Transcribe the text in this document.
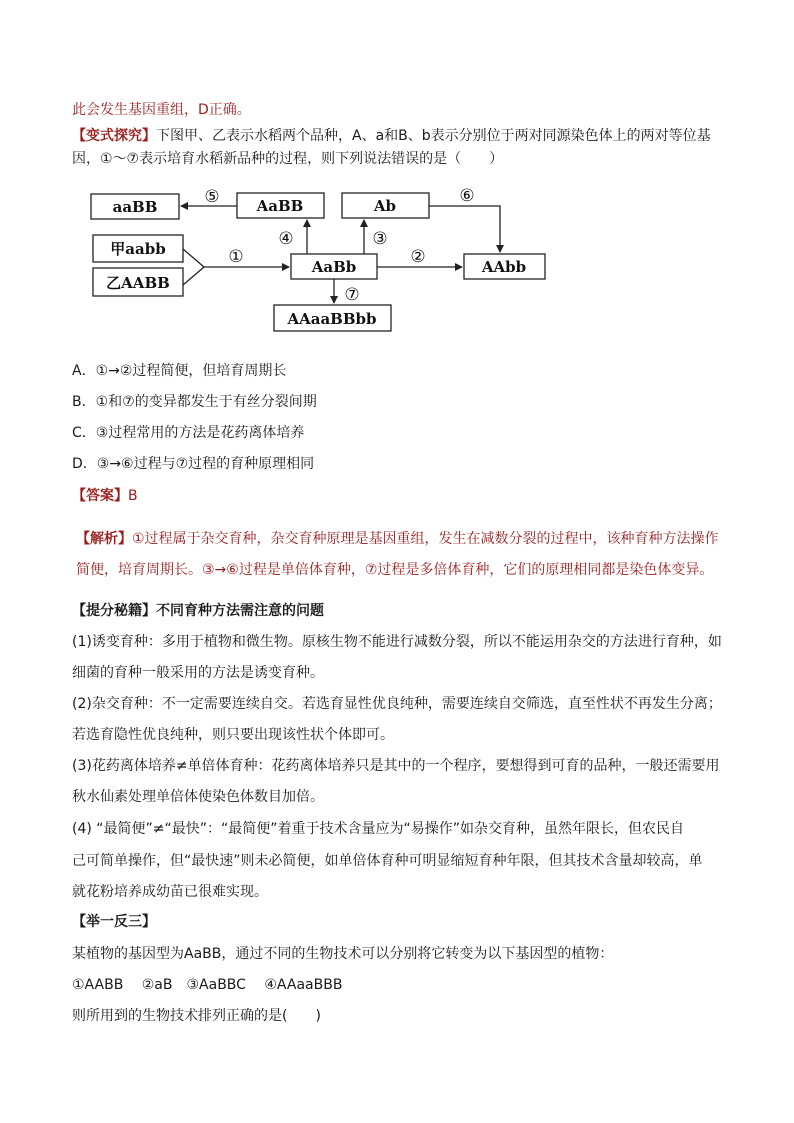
此会发生基因重组，D正确。
【变式探究】下图甲、乙表示水稻两个品种，A、a和B、b表示分别位于两对同源染色体上的两对等位基
因，①～⑦表示培育水稻新品种的过程，则下列说法错误的是（　　）
aaBB	AaBB	Ab
甲aabb
乙AABB
AaBb	AAbb
AAaaBBbb
⑤	⑥
④	③
①	②
⑦
A．①→②过程简便，但培育周期长
B．①和⑦的变异都发生于有丝分裂间期
C．③过程常用的方法是花药离体培养
D．③→⑥过程与⑦过程的育种原理相同
【答案】B
【解析】①过程属于杂交育种，杂交育种原理是基因重组，发生在减数分裂的过程中，该种育种方法操作
简便，培育周期长。③→⑥过程是单倍体育种，⑦过程是多倍体育种，它们的原理相同都是染色体变异。
【提分秘籍】不同育种方法需注意的问题
(1)诱变育种：多用于植物和微生物。原核生物不能进行减数分裂，所以不能运用杂交的方法进行育种，如
细菌的育种一般采用的方法是诱变育种。
(2)杂交育种：不一定需要连续自交。若选育显性优良纯种，需要连续自交筛选，直至性状不再发生分离；
若选育隐性优良纯种，则只要出现该性状个体即可。
(3)花药离体培养≠单倍体育种：花药离体培养只是其中的一个程序，要想得到可育的品种，一般还需要用
秋水仙素处理单倍体使染色体数目加倍。
(4) “最简便”≠“最快”：“最简便”着重于技术含量应为“易操作”如杂交育种，虽然年限长，但农民自
己可简单操作，但“最快速”则未必简便，如单倍体育种可明显缩短育种年限，但其技术含量却较高，单
就花粉培养成幼苗已很难实现。
【举一反三】
某植物的基因型为AaBB，通过不同的生物技术可以分别将它转变为以下基因型的植物：
①AABB　 ②aB　③AaBBC　 ④AAaaBBB
则所用到的生物技术排列正确的是(　　)
